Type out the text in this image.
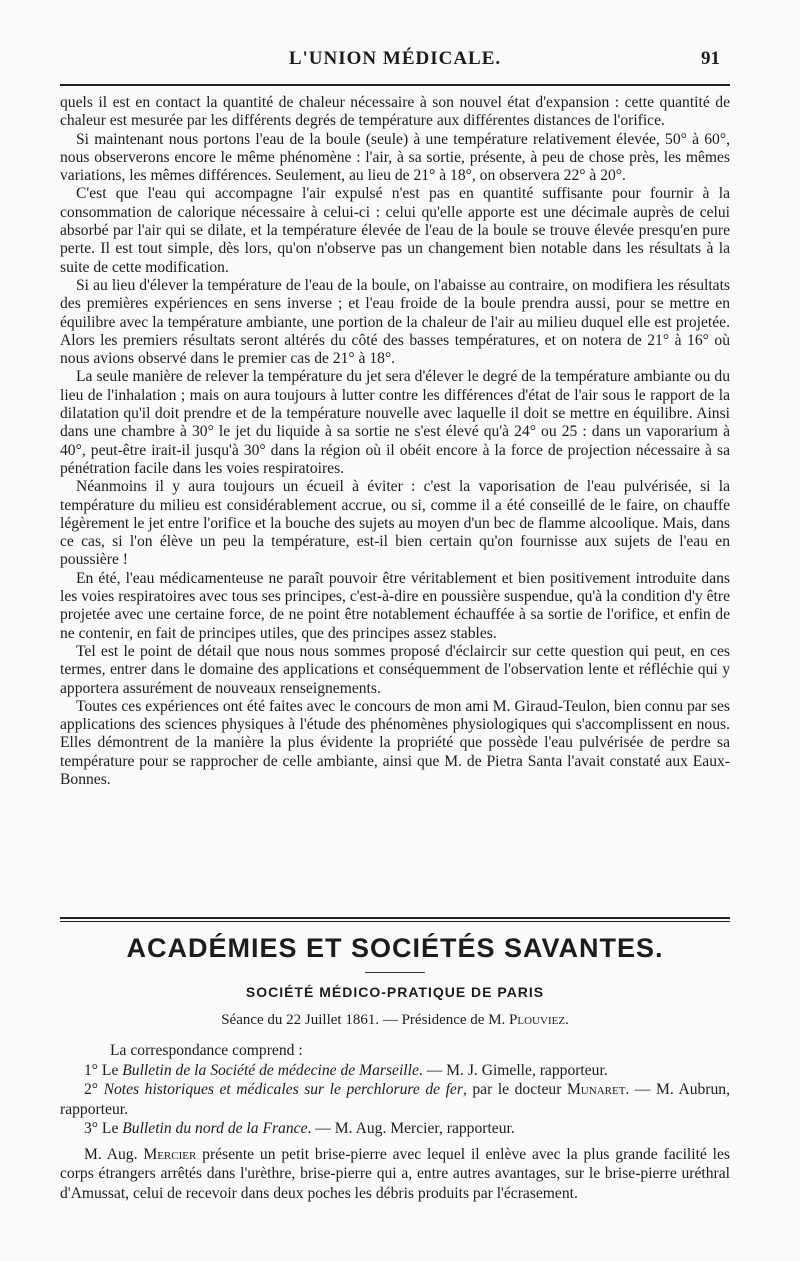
L'UNION MÉDICALE.	91

quels il est en contact la quantité de chaleur nécessaire à son nouvel état d'expansion : cette quantité de chaleur est mesurée par les différents degrés de température aux différentes distances de l'orifice.

Si maintenant nous portons l'eau de la boule (seule) à une température relativement élevée, 50° à 60°, nous observerons encore le même phénomène : l'air, à sa sortie, présente, à peu de chose près, les mêmes variations, les mêmes différences. Seulement, au lieu de 21° à 18°, on observera 22° à 20°.

C'est que l'eau qui accompagne l'air expulsé n'est pas en quantité suffisante pour fournir à la consommation de calorique nécessaire à celui-ci : celui qu'elle apporte est une décimale auprès de celui absorbé par l'air qui se dilate, et la température élevée de l'eau de la boule se trouve élevée presqu'en pure perte. Il est tout simple, dès lors, qu'on n'observe pas un changement bien notable dans les résultats à la suite de cette modification.

Si au lieu d'élever la température de l'eau de la boule, on l'abaisse au contraire, on modifiera les résultats des premières expériences en sens inverse ; et l'eau froide de la boule prendra aussi, pour se mettre en équilibre avec la température ambiante, une portion de la chaleur de l'air au milieu duquel elle est projetée. Alors les premiers résultats seront altérés du côté des basses températures, et on notera de 21° à 16° où nous avions observé dans le premier cas de 21° à 18°.

La seule manière de relever la température du jet sera d'élever le degré de la température ambiante ou du lieu de l'inhalation ; mais on aura toujours à lutter contre les différences d'état de l'air sous le rapport de la dilatation qu'il doit prendre et de la température nouvelle avec laquelle il doit se mettre en équilibre. Ainsi dans une chambre à 30° le jet du liquide à sa sortie ne s'est élevé qu'à 24° ou 25 : dans un vaporarium à 40°, peut-être irait-il jusqu'à 30° dans la région où il obéit encore à la force de projection nécessaire à sa pénétration facile dans les voies respiratoires.

Néanmoins il y aura toujours un écueil à éviter : c'est la vaporisation de l'eau pulvérisée, si la température du milieu est considérablement accrue, ou si, comme il a été conseillé de le faire, on chauffe légèrement le jet entre l'orifice et la bouche des sujets au moyen d'un bec de flamme alcoolique. Mais, dans ce cas, si l'on élève un peu la température, est-il bien certain qu'on fournisse aux sujets de l'eau en poussière !

En été, l'eau médicamenteuse ne paraît pouvoir être véritablement et bien positivement introduite dans les voies respiratoires avec tous ses principes, c'est-à-dire en poussière suspendue, qu'à la condition d'y être projetée avec une certaine force, de ne point être notablement échauffée à sa sortie de l'orifice, et enfin de ne contenir, en fait de principes utiles, que des principes assez stables.

Tel est le point de détail que nous nous sommes proposé d'éclaircir sur cette question qui peut, en ces termes, entrer dans le domaine des applications et conséquemment de l'observation lente et réfléchie qui y apportera assurément de nouveaux renseignements.

Toutes ces expériences ont été faites avec le concours de mon ami M. Giraud-Teulon, bien connu par ses applications des sciences physiques à l'étude des phénomènes physiologiques qui s'accomplissent en nous. Elles démontrent de la manière la plus évidente la propriété que possède l'eau pulvérisée de perdre sa température pour se rapprocher de celle ambiante, ainsi que M. de Pietra Santa l'avait constaté aux Eaux-Bonnes.

ACADÉMIES ET SOCIÉTÉS SAVANTES.
SOCIÉTÉ MÉDICO-PRATIQUE DE PARIS
Séance du 22 Juillet 1861. — Présidence de M. Plouviez.

La correspondance comprend :

1° Le Bulletin de la Société de médecine de Marseille. — M. J. Gimelle, rapporteur.

2° Notes historiques et médicales sur le perchlorure de fer, par le docteur Munaret. — M. Aubrun, rapporteur.

3° Le Bulletin du nord de la France. — M. Aug. Mercier, rapporteur.

M. Aug. Mercier présente un petit brise-pierre avec lequel il enlève avec la plus grande facilité les corps étrangers arrêtés dans l'urèthre, brise-pierre qui a, entre autres avantages, sur le brise-pierre uréthral d'Amussat, celui de recevoir dans deux poches les débris produits par l'écrasement.
